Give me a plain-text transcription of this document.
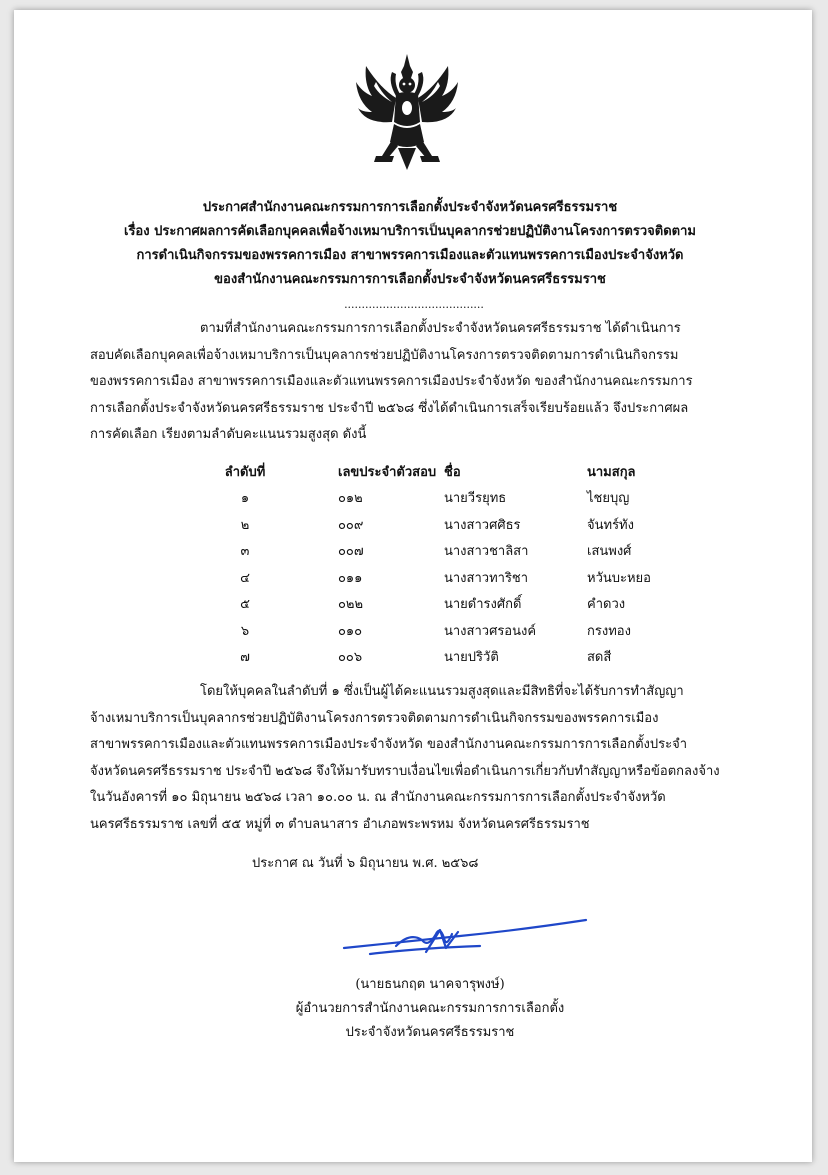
ประกาศสำนักงานคณะกรรมการการเลือกตั้งประจำจังหวัดนครศรีธรรมราช
เรื่อง ประกาศผลการคัดเลือกบุคคลเพื่อจ้างเหมาบริการเป็นบุคลากรช่วยปฏิบัติงานโครงการตรวจติดตาม
การดำเนินกิจกรรมของพรรคการเมือง สาขาพรรคการเมืองและตัวแทนพรรคการเมืองประจำจังหวัด
ของสำนักงานคณะกรรมการการเลือกตั้งประจำจังหวัดนครศรีธรรมราช
........................................
ตามที่สำนักงานคณะกรรมการการเลือกตั้งประจำจังหวัดนครศรีธรรมราช ได้ดำเนินการ
สอบคัดเลือกบุคคลเพื่อจ้างเหมาบริการเป็นบุคลากรช่วยปฏิบัติงานโครงการตรวจติดตามการดำเนินกิจกรรม
ของพรรคการเมือง สาขาพรรคการเมืองและตัวแทนพรรคการเมืองประจำจังหวัด ของสำนักงานคณะกรรมการ
การเลือกตั้งประจำจังหวัดนครศรีธรรมราช ประจำปี ๒๕๖๘ ซึ่งได้ดำเนินการเสร็จเรียบร้อยแล้ว จึงประกาศผล
การคัดเลือก เรียงตามลำดับคะแนนรวมสูงสุด ดังนี้
ลำดับที่	เลขประจำตัวสอบ	ชื่อ	นามสกุล
๑	๐๑๒	นายวีรยุทธ	ไชยบุญ
๒	๐๐๙	นางสาวศศิธร	จันทร์ทัง
๓	๐๐๗	นางสาวชาลิสา	เสนพงศ์
๔	๐๑๑	นางสาวทาริชา	หวันบะหยอ
๕	๐๒๒	นายดำรงศักดิ์	คำดวง
๖	๐๑๐	นางสาวศรอนงค์	กรงทอง
๗	๐๐๖	นายปริวัติ	สดสี
โดยให้บุคคลในลำดับที่ ๑ ซึ่งเป็นผู้ได้คะแนนรวมสูงสุดและมีสิทธิที่จะได้รับการทำสัญญา
จ้างเหมาบริการเป็นบุคลากรช่วยปฏิบัติงานโครงการตรวจติดตามการดำเนินกิจกรรมของพรรคการเมือง
สาขาพรรคการเมืองและตัวแทนพรรคการเมืองประจำจังหวัด ของสำนักงานคณะกรรมการการเลือกตั้งประจำ
จังหวัดนครศรีธรรมราช ประจำปี ๒๕๖๘ จึงให้มารับทราบเงื่อนไขเพื่อดำเนินการเกี่ยวกับทำสัญญาหรือข้อตกลงจ้าง
ในวันอังคารที่ ๑๐ มิถุนายน ๒๕๖๘ เวลา ๑๐.๐๐ น. ณ สำนักงานคณะกรรมการการเลือกตั้งประจำจังหวัด
นครศรีธรรมราช เลขที่ ๕๕ หมู่ที่ ๓ ตำบลนาสาร อำเภอพระพรหม จังหวัดนครศรีธรรมราช
ประกาศ ณ วันที่ ๖ มิถุนายน พ.ศ. ๒๕๖๘
(นายธนกฤต นาคจารุพงษ์)
ผู้อำนวยการสำนักงานคณะกรรมการการเลือกตั้ง
ประจำจังหวัดนครศรีธรรมราช
